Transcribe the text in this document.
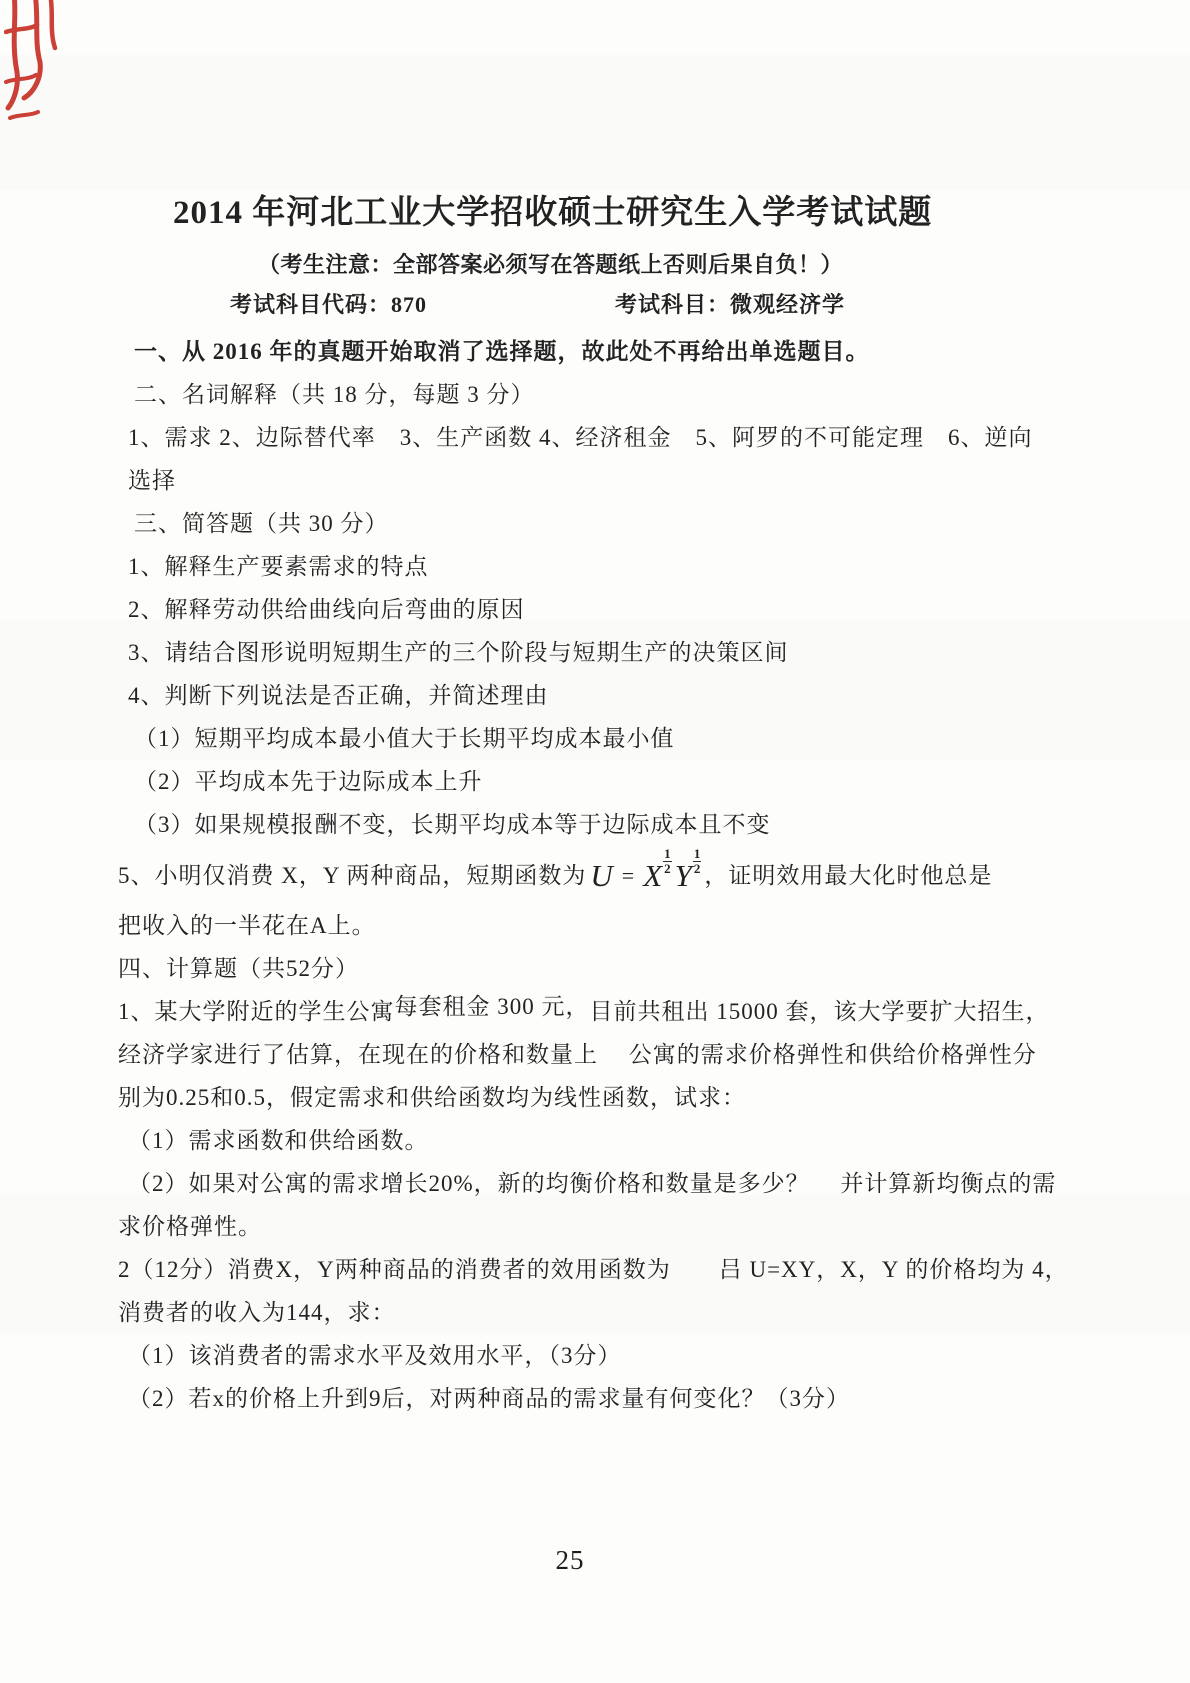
2014 年河北工业大学招收硕士研究生入学考试试题
（考生注意：全部答案必须写在答题纸上否则后果自负！）
考试科目代码：870	考试科目：微观经济学
一、从 2016 年的真题开始取消了选择题，故此处不再给出单选题目。
二、名词解释（共 18 分，每题 3 分）
1、需求 2、边际替代率　3、生产函数 4、经济租金　5、阿罗的不可能定理　6、逆向
选择
三、简答题（共 30 分）
1、解释生产要素需求的特点
2、解释劳动供给曲线向后弯曲的原因
3、请结合图形说明短期生产的三个阶段与短期生产的决策区间
4、判断下列说法是否正确，并简述理由
（1）短期平均成本最小值大于长期平均成本最小值
（2）平均成本先于边际成本上升
（3）如果规模报酬不变，长期平均成本等于边际成本且不变
5、小明仅消费 X，Y 两种商品，短期函数为 U = X $\frac{1}{2}$ Y $\frac{1}{2}$ ，证明效用最大化时他总是
把收入的一半花在A上。
四、计算题（共52分）
1、某大学附近的学生公寓每套租金 300 元，目前共租出 15000 套，该大学要扩大招生，
经济学家进行了估算，在现在的价格和数量上　 公寓的需求价格弹性和供给价格弹性分
别为0.25和0.5，假定需求和供给函数均为线性函数，试求：
（1）需求函数和供给函数。
（2）如果对公寓的需求增长20%，新的均衡价格和数量是多少？　 并计算新均衡点的需
求价格弹性。
2（12分）消费X，Y两种商品的消费者的效用函数为　　吕 U=XY，X，Y 的价格均为 4，
消费者的收入为144，求：
（1）该消费者的需求水平及效用水平，（3分）
（2）若x的价格上升到9后，对两种商品的需求量有何变化？（3分）
25
